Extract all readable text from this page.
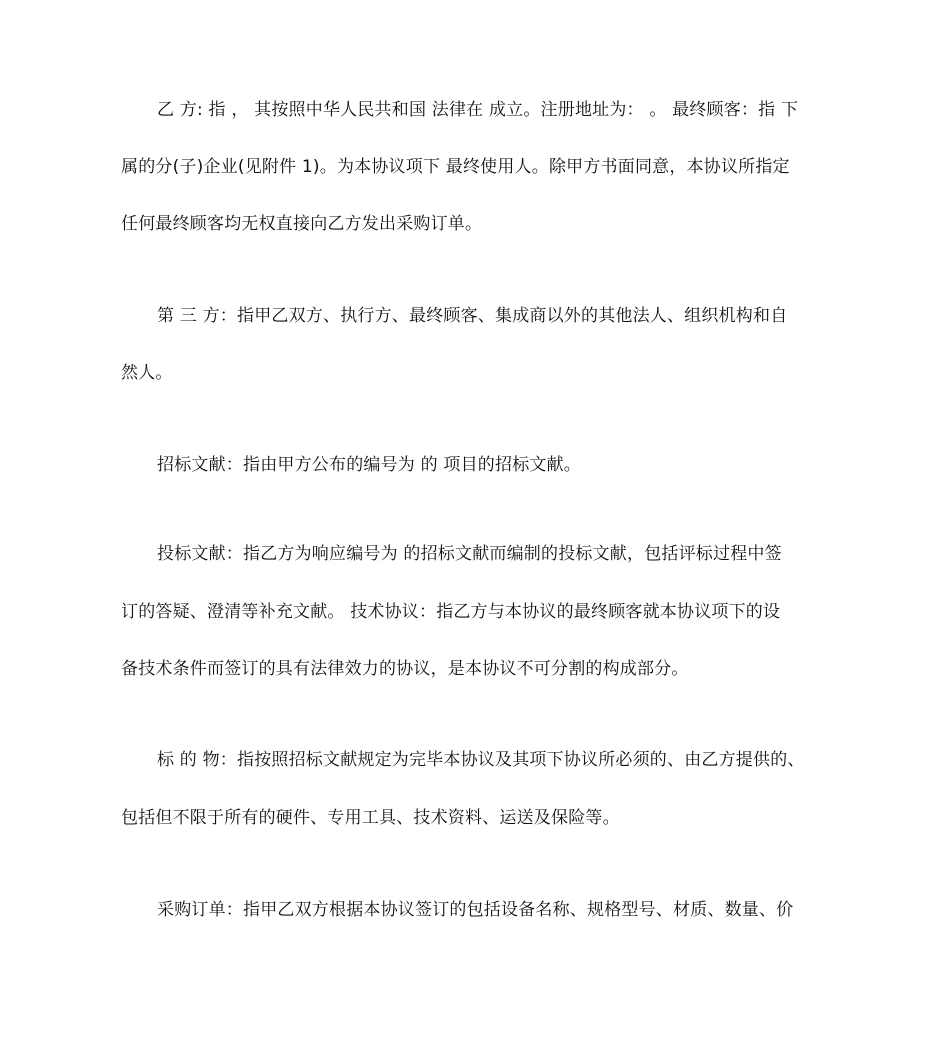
乙 方: 指 ， 其按照中华人民共和国 法律在 成立。注册地址为： 。 最终顾客：指 下
属的分(子)企业(见附件 1)。为本协议项下 最终使用人。除甲方书面同意，本协议所指定
任何最终顾客均无权直接向乙方发出采购订单。
第 三 方：指甲乙双方、执行方、最终顾客、集成商以外的其他法人、组织机构和自
然人。
招标文献：指由甲方公布的编号为 的 项目的招标文献。
投标文献：指乙方为响应编号为 的招标文献而编制的投标文献，包括评标过程中签
订的答疑、澄清等补充文献。 技术协议：指乙方与本协议的最终顾客就本协议项下的设
备技术条件而签订的具有法律效力的协议，是本协议不可分割的构成部分。
标 的 物：指按照招标文献规定为完毕本协议及其项下协议所必须的、由乙方提供的、
包括但不限于所有的硬件、专用工具、技术资料、运送及保险等。
采购订单：指甲乙双方根据本协议签订的包括设备名称、规格型号、材质、数量、价
